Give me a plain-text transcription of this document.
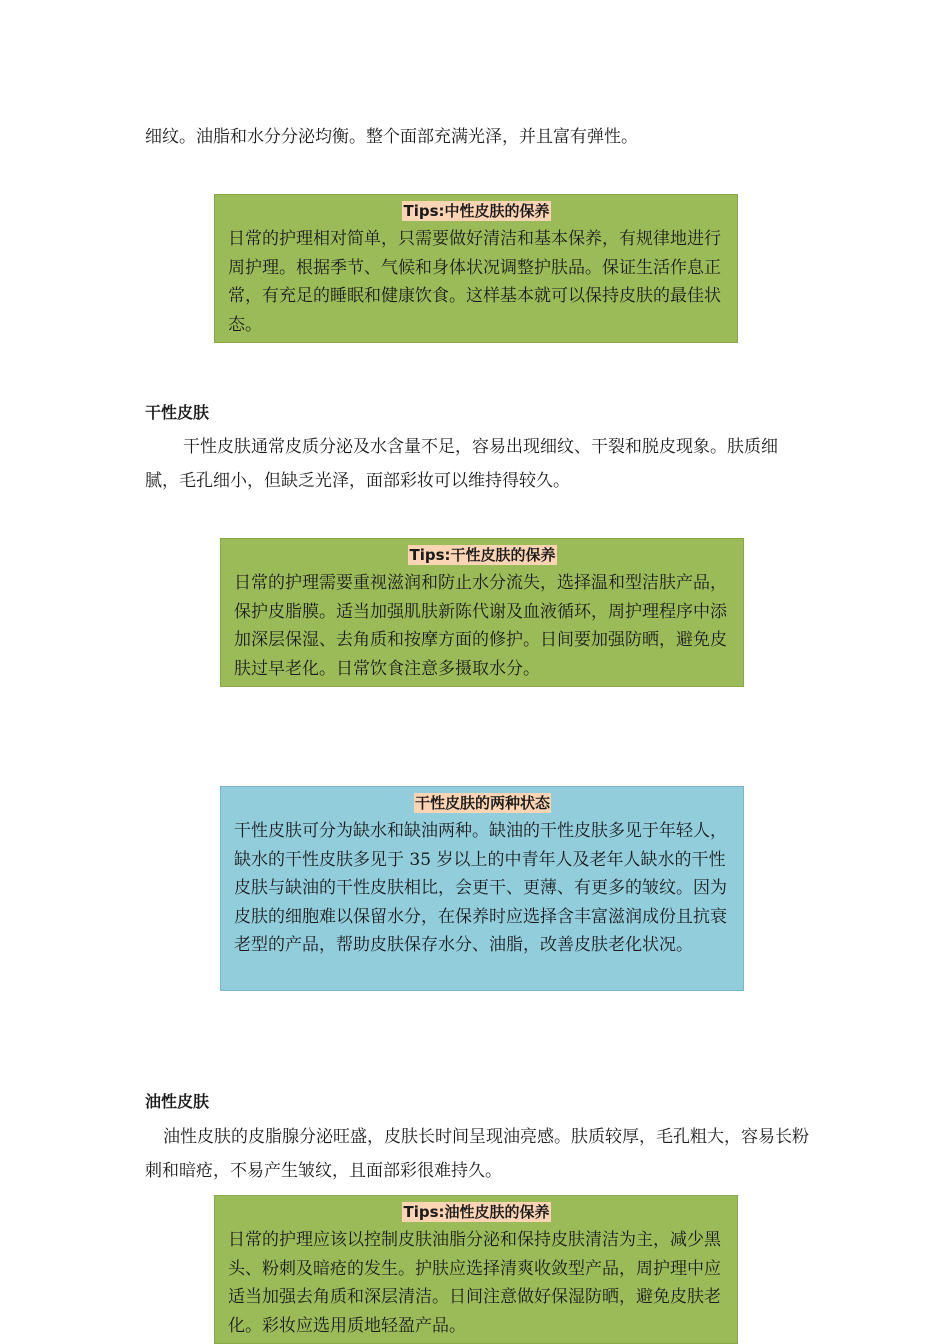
细纹。油脂和水分分泌均衡。整个面部充满光泽，并且富有弹性。

Tips:中性皮肤的保养

日常的护理相对简单，只需要做好清洁和基本保养，有规律地进行周护理。根据季节、气候和身体状况调整护肤品。保证生活作息正常，有充足的睡眠和健康饮食。这样基本就可以保持皮肤的最佳状态。

干性皮肤

干性皮肤通常皮质分泌及水含量不足，容易出现细纹、干裂和脱皮现象。肤质细腻，毛孔细小，但缺乏光泽，面部彩妆可以维持得较久。

Tips:干性皮肤的保养

日常的护理需要重视滋润和防止水分流失，选择温和型洁肤产品，保护皮脂膜。适当加强肌肤新陈代谢及血液循环，周护理程序中添加深层保湿、去角质和按摩方面的修护。日间要加强防晒，避免皮肤过早老化。日常饮食注意多摄取水分。

干性皮肤的两种状态

干性皮肤可分为缺水和缺油两种。缺油的干性皮肤多见于年轻人，缺水的干性皮肤多见于 35 岁以上的中青年人及老年人缺水的干性皮肤与缺油的干性皮肤相比，会更干、更薄、有更多的皱纹。因为皮肤的细胞难以保留水分，在保养时应选择含丰富滋润成份且抗衰老型的产品，帮助皮肤保存水分、油脂，改善皮肤老化状况。

油性皮肤

油性皮肤的皮脂腺分泌旺盛，皮肤长时间呈现油亮感。肤质较厚，毛孔粗大，容易长粉刺和暗疮，不易产生皱纹，且面部彩很难持久。

Tips:油性皮肤的保养

日常的护理应该以控制皮肤油脂分泌和保持皮肤清洁为主，减少黑头、粉刺及暗疮的发生。护肤应选择清爽收敛型产品，周护理中应适当加强去角质和深层清洁。日间注意做好保湿防晒，避免皮肤老化。彩妆应选用质地轻盈产品。
